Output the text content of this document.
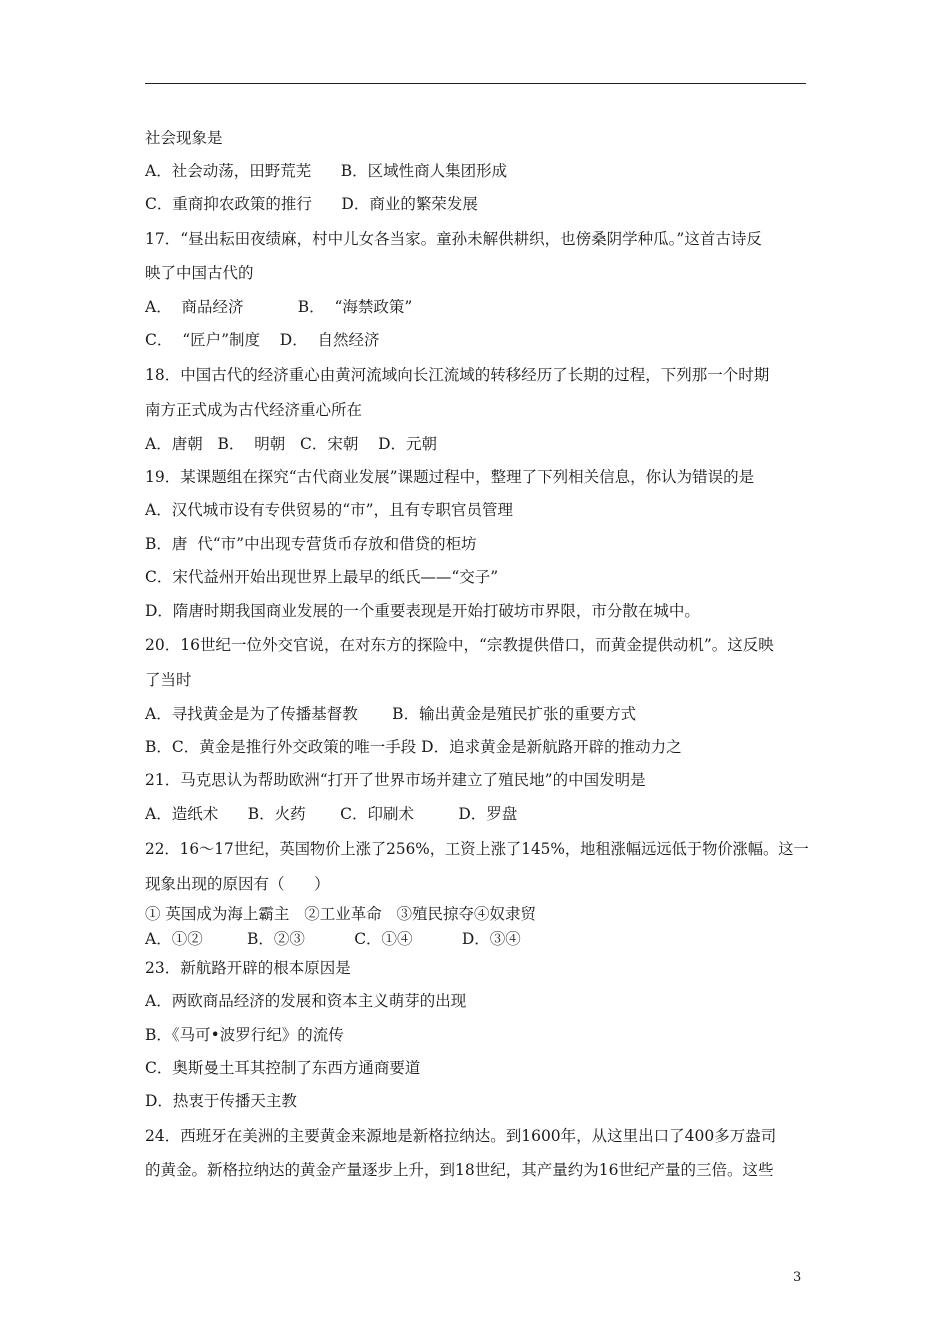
社会现象是
A．社会动荡，田野荒芜      B．区域性商人集团形成
C．重商抑农政策的推行      D．商业的繁荣发展
17．“昼出耘田夜绩麻，村中儿女各当家。童孙未解供耕织，也傍桑阴学种瓜。”这首古诗反
映了中国古代的
A．  商品经济           B．  “海禁政策”
C．  “匠户”制度    D．  自然经济
18．中国古代的经济重心由黄河流域向长江流域的转移经历了长期的过程，下列那一个时期
南方正式成为古代经济重心所在
A．唐朝   B．  明朝   C．宋朝    D．元朝
19．某课题组在探究“古代商业发展”课题过程中，整理了下列相关信息，你认为错误的是
A．汉代城市设有专供贸易的“市”，且有专职官员管理
B．唐  代“市”中出现专营货币存放和借贷的柜坊
C．宋代益州开始出现世界上最早的纸氏——“交子”
D．隋唐时期我国商业发展的一个重要表现是开始打破坊市界限，市分散在城中。
20．16世纪一位外交官说，在对东方的探险中，“宗教提供借口，而黄金提供动机”。这反映
了当时
A．寻找黄金是为了传播基督教       B．输出黄金是殖民扩张的重要方式
B．C．黄金是推行外交政策的唯一手段 D．追求黄金是新航路开辟的推动力之
21．马克思认为帮助欧洲“打开了世界市场并建立了殖民地”的中国发明是
A．造纸术      B．火药       C．印刷术         D．罗盘
22．16～17世纪，英国物价上涨了256%，工资上涨了145%，地租涨幅远远低于物价涨幅。这一
现象出现的原因有（      ）
① 英国成为海上霸主   ②工业革命   ③殖民掠夺④奴隶贸
A．①②         B．②③          C．①④          D．③④
23．新航路开辟的根本原因是
A．两欧商品经济的发展和资本主义萌芽的出现
B．《马可•波罗行纪》的流传
C．奥斯曼土耳其控制了东西方通商要道
D．热衷于传播天主教
24．西班牙在美洲的主要黄金来源地是新格拉纳达。到1600年，从这里出口了400多万盎司
的黄金。新格拉纳达的黄金产量逐步上升，到18世纪，其产量约为16世纪产量的三倍。这些
3
